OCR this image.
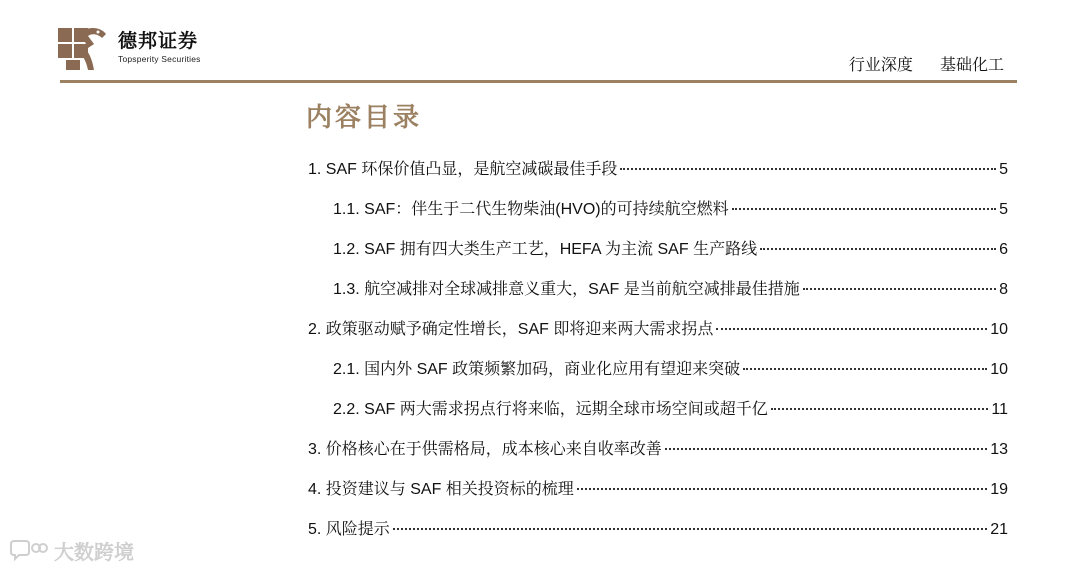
德邦证券
Topsperity Securities	行业深度 基础化工
内容目录
1. SAF 环保价值凸显，是航空减碳最佳手段	5
1.1. SAF：伴生于二代生物柴油(HVO)的可持续航空燃料	5
1.2. SAF 拥有四大类生产工艺，HEFA 为主流 SAF 生产路线	6
1.3. 航空减排对全球减排意义重大，SAF 是当前航空减排最佳措施	8
2. 政策驱动赋予确定性增长，SAF 即将迎来两大需求拐点	10
2.1. 国内外 SAF 政策频繁加码，商业化应用有望迎来突破	10
2.2. SAF 两大需求拐点行将来临，远期全球市场空间或超千亿	11
3. 价格核心在于供需格局，成本核心来自收率改善	13
4. 投资建议与 SAF 相关投资标的梳理	19
5. 风险提示	21
大数跨境
